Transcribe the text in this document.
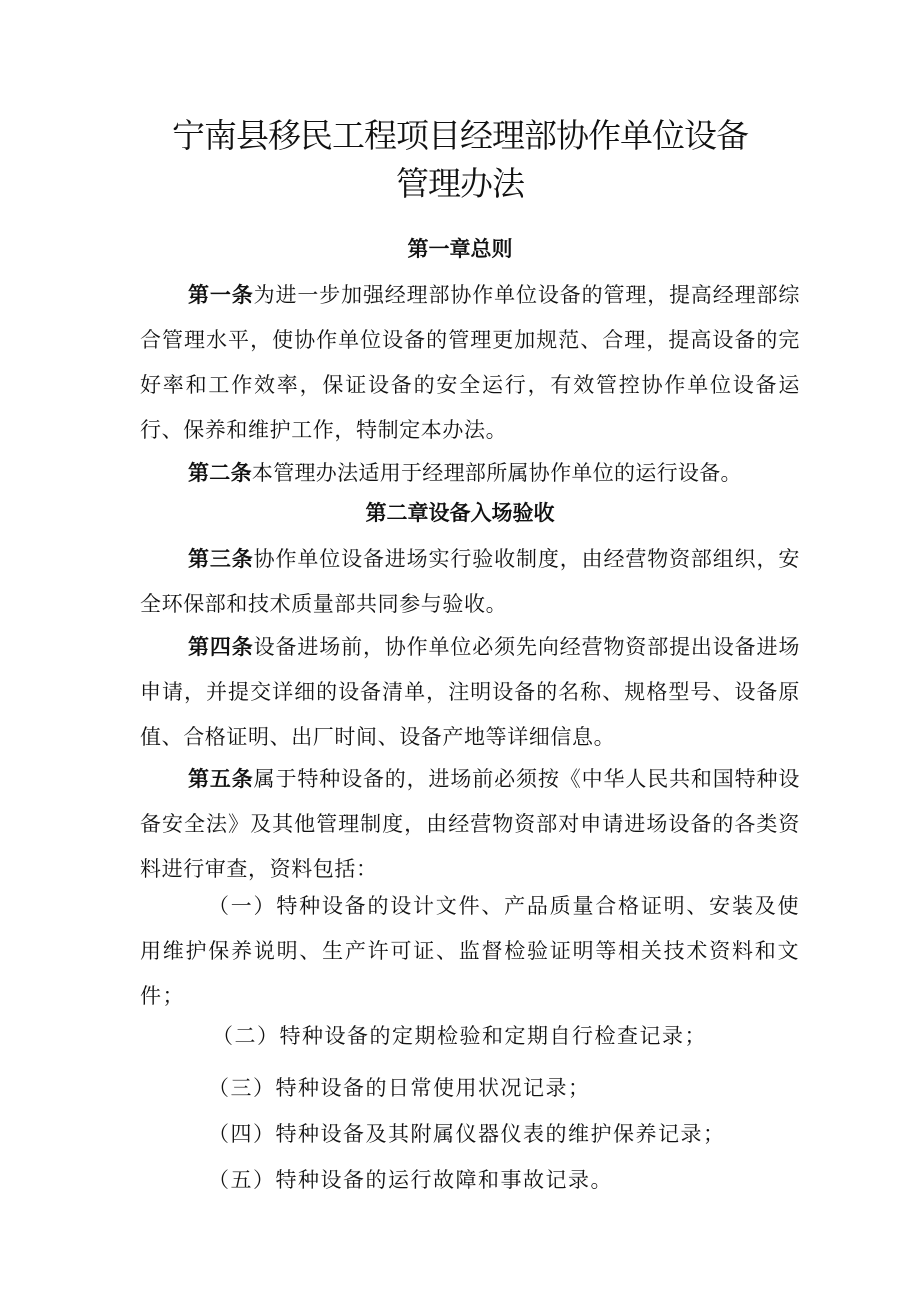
宁南县移民工程项目经理部协作单位设备
管理办法
第一章总则

第一条为进一步加强经理部协作单位设备的管理，提高经理部综合管理水平，使协作单位设备的管理更加规范、合理，提高设备的完好率和工作效率，保证设备的安全运行，有效管控协作单位设备运行、保养和维护工作，特制定本办法。

第二条本管理办法适用于经理部所属协作单位的运行设备。

第二章设备入场验收

第三条协作单位设备进场实行验收制度，由经营物资部组织，安全环保部和技术质量部共同参与验收。

第四条设备进场前，协作单位必须先向经营物资部提出设备进场申请，并提交详细的设备清单，注明设备的名称、规格型号、设备原值、合格证明、出厂时间、设备产地等详细信息。

第五条属于特种设备的，进场前必须按《中华人民共和国特种设备安全法》及其他管理制度，由经营物资部对申请进场设备的各类资料进行审查，资料包括：

（一）特种设备的设计文件、产品质量合格证明、安装及使用维护保养说明、生产许可证、监督检验证明等相关技术资料和文件；

（二）特种设备的定期检验和定期自行检查记录；

（三）特种设备的日常使用状况记录；

（四）特种设备及其附属仪器仪表的维护保养记录；

（五）特种设备的运行故障和事故记录。
